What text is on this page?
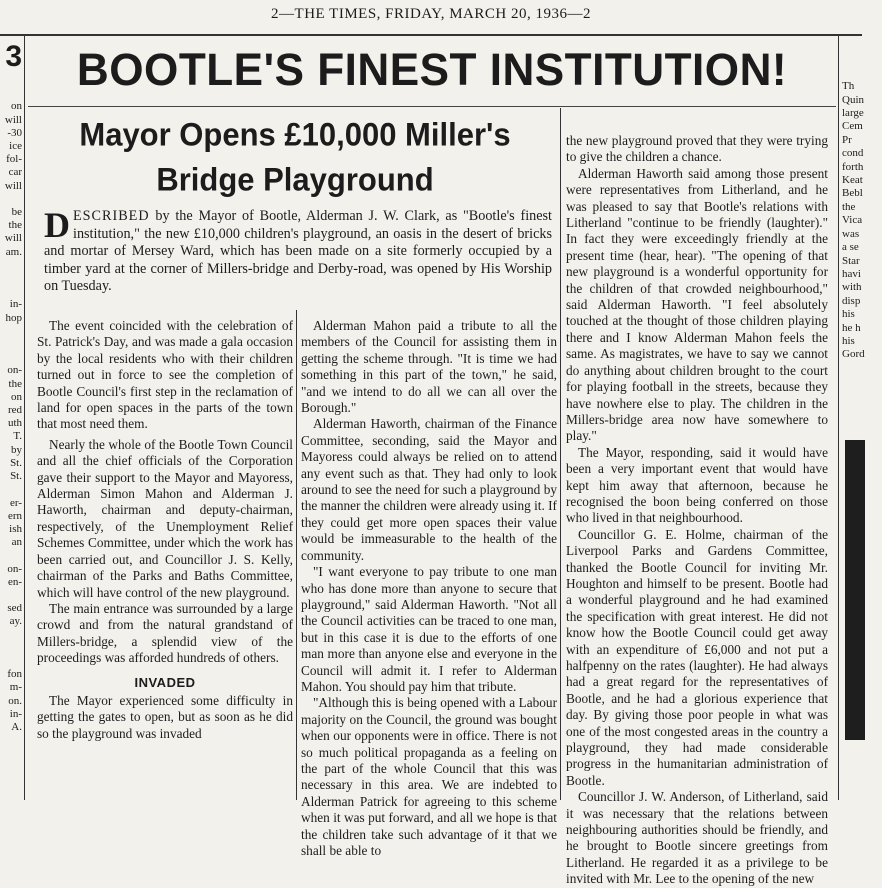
2—THE TIMES, FRIDAY, MARCH 20, 1936—2
3

on
will
-30
ice
fol-
car
will

be
the
will
am.

in-
hop

on-
the
on
red
uth
T.
by
St.
St.

er-
ern
ish
an

on-
en-

sed
ay.

fon
m-
on.
in-
A.

Th
Quin
large
Cem
Pr
cond
forth
Keat
Bebl
the
Vica
was
a se
Star
havi
with
disp
his
he h
his
Gord
BOOTLE'S FINEST INSTITUTION!
Mayor Opens £10,000 Miller's
Bridge Playground
DESCRIBED by the Mayor of Bootle, Alderman J. W. Clark, as "Bootle's finest institution," the new £10,000 children's playground, an oasis in the desert of bricks and mortar of Mersey Ward, which has been made on a site formerly occupied by a timber yard at the corner of Millers-bridge and Derby-road, was opened by His Worship on Tuesday.

The event coincided with the celebration of St. Patrick's Day, and was made a gala occasion by the local residents who with their children turned out in force to see the completion of Bootle Council's first step in the reclamation of land for open spaces in the parts of the town that most need them.

Nearly the whole of the Bootle Town Council and all the chief officials of the Corporation gave their support to the Mayor and Mayoress, Alderman Simon Mahon and Alderman J. Haworth, chairman and deputy-chairman, respectively, of the Unemployment Relief Schemes Committee, under which the work has been carried out, and Councillor J. S. Kelly, chairman of the Parks and Baths Committee, which will have control of the new playground.

The main entrance was surrounded by a large crowd and from the natural grandstand of Millers-bridge, a splendid view of the proceedings was afforded hundreds of others.

INVADED

The Mayor experienced some difficulty in getting the gates to open, but as soon as he did so the playground was invaded

Alderman Mahon paid a tribute to all the members of the Council for assisting them in getting the scheme through. "It is time we had something in this part of the town," he said, "and we intend to do all we can all over the Borough."

Alderman Haworth, chairman of the Finance Committee, seconding, said the Mayor and Mayoress could always be relied on to attend any event such as that. They had only to look around to see the need for such a playground by the manner the children were already using it. If they could get more open spaces their value would be immeasurable to the health of the community.

"I want everyone to pay tribute to one man who has done more than anyone to secure that playground," said Alderman Haworth. "Not all the Council activities can be traced to one man, but in this case it is due to the efforts of one man more than anyone else and everyone in the Council will admit it. I refer to Alderman Mahon. You should pay him that tribute.

"Although this is being opened with a Labour majority on the Council, the ground was bought when our opponents were in office. There is not so much political propaganda as a feeling on the part of the whole Council that this was necessary in this area. We are indebted to Alderman Patrick for agreeing to this scheme when it was put forward, and all we hope is that the children take such advantage of it that we shall be able to

the new playground proved that they were trying to give the children a chance.

Alderman Haworth said among those present were representatives from Litherland, and he was pleased to say that Bootle's relations with Litherland "continue to be friendly (laughter)." In fact they were exceedingly friendly at the present time (hear, hear). "The opening of that new playground is a wonderful opportunity for the children of that crowded neighbourhood," said Alderman Haworth. "I feel absolutely touched at the thought of those children playing there and I know Alderman Mahon feels the same. As magistrates, we have to say we cannot do anything about children brought to the court for playing football in the streets, because they have nowhere else to play. The children in the Millers-bridge area now have somewhere to play."

The Mayor, responding, said it would have been a very important event that would have kept him away that afternoon, because he recognised the boon being conferred on those who lived in that neighbourhood.

Councillor G. E. Holme, chairman of the Liverpool Parks and Gardens Committee, thanked the Bootle Council for inviting Mr. Houghton and himself to be present. Bootle had a wonderful playground and he had examined the specification with great interest. He did not know how the Bootle Council could get away with an expenditure of £6,000 and not put a halfpenny on the rates (laughter). He had always had a great regard for the representatives of Bootle, and he had a glorious experience that day. By giving those poor people in what was one of the most congested areas in the country a playground, they had made considerable progress in the humanitarian administration of Bootle.

Councillor J. W. Anderson, of Litherland, said it was necessary that the relations between neighbouring authorities should be friendly, and he brought to Bootle sincere greetings from Litherland. He regarded it as a privilege to be invited with Mr. Lee to the opening of the new
